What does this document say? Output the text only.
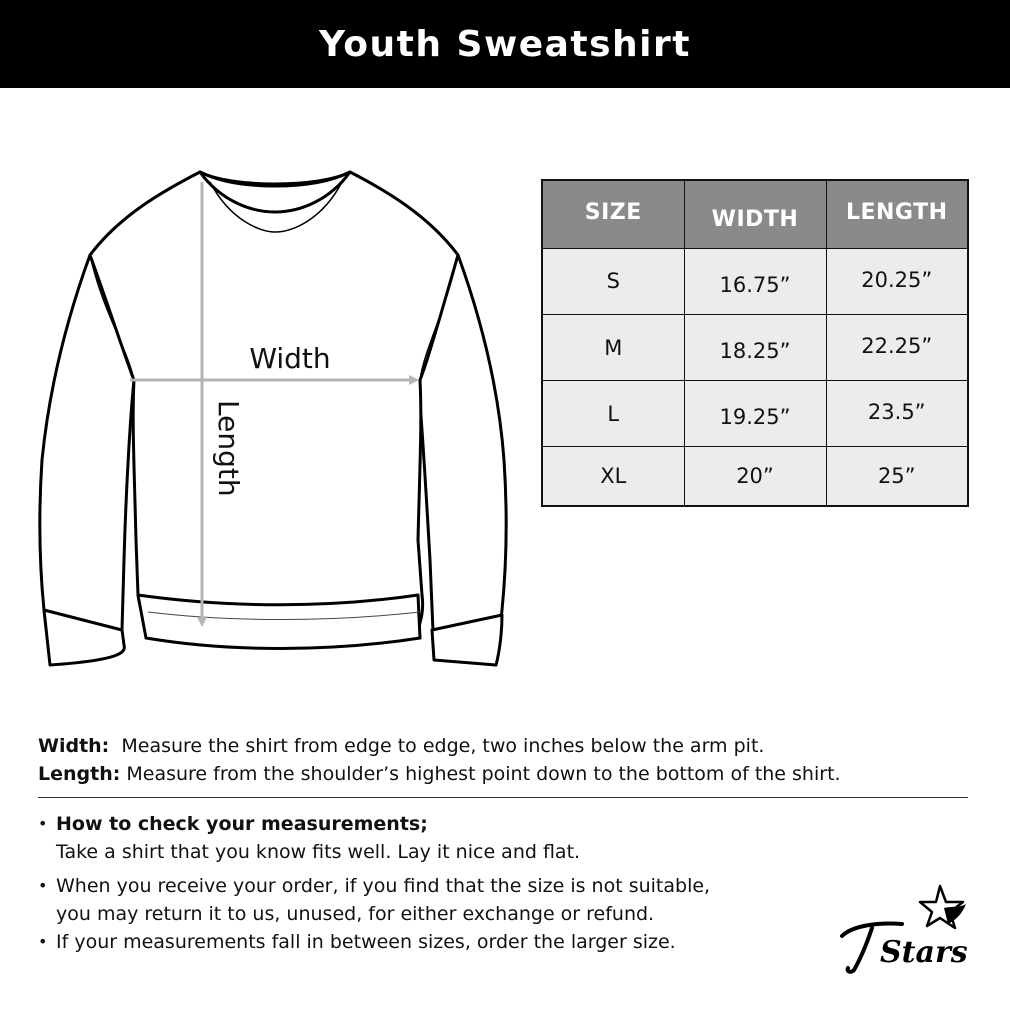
Youth Sweatshirt
Width
Length
SIZE	WIDTH	LENGTH
S	16.75”	20.25”
M	18.25”	22.25”
L	19.25”	23.5”
XL	20”	25”
Width: Measure the shirt from edge to edge, two inches below the arm pit.
Length: Measure from the shoulder’s highest point down to the bottom of the shirt.
• How to check your measurements;
Take a shirt that you know fits well. Lay it nice and flat.
• When you receive your order, if you find that the size is not suitable,
you may return it to us, unused, for either exchange or refund.
• If your measurements fall in between sizes, order the larger size.	Stars
